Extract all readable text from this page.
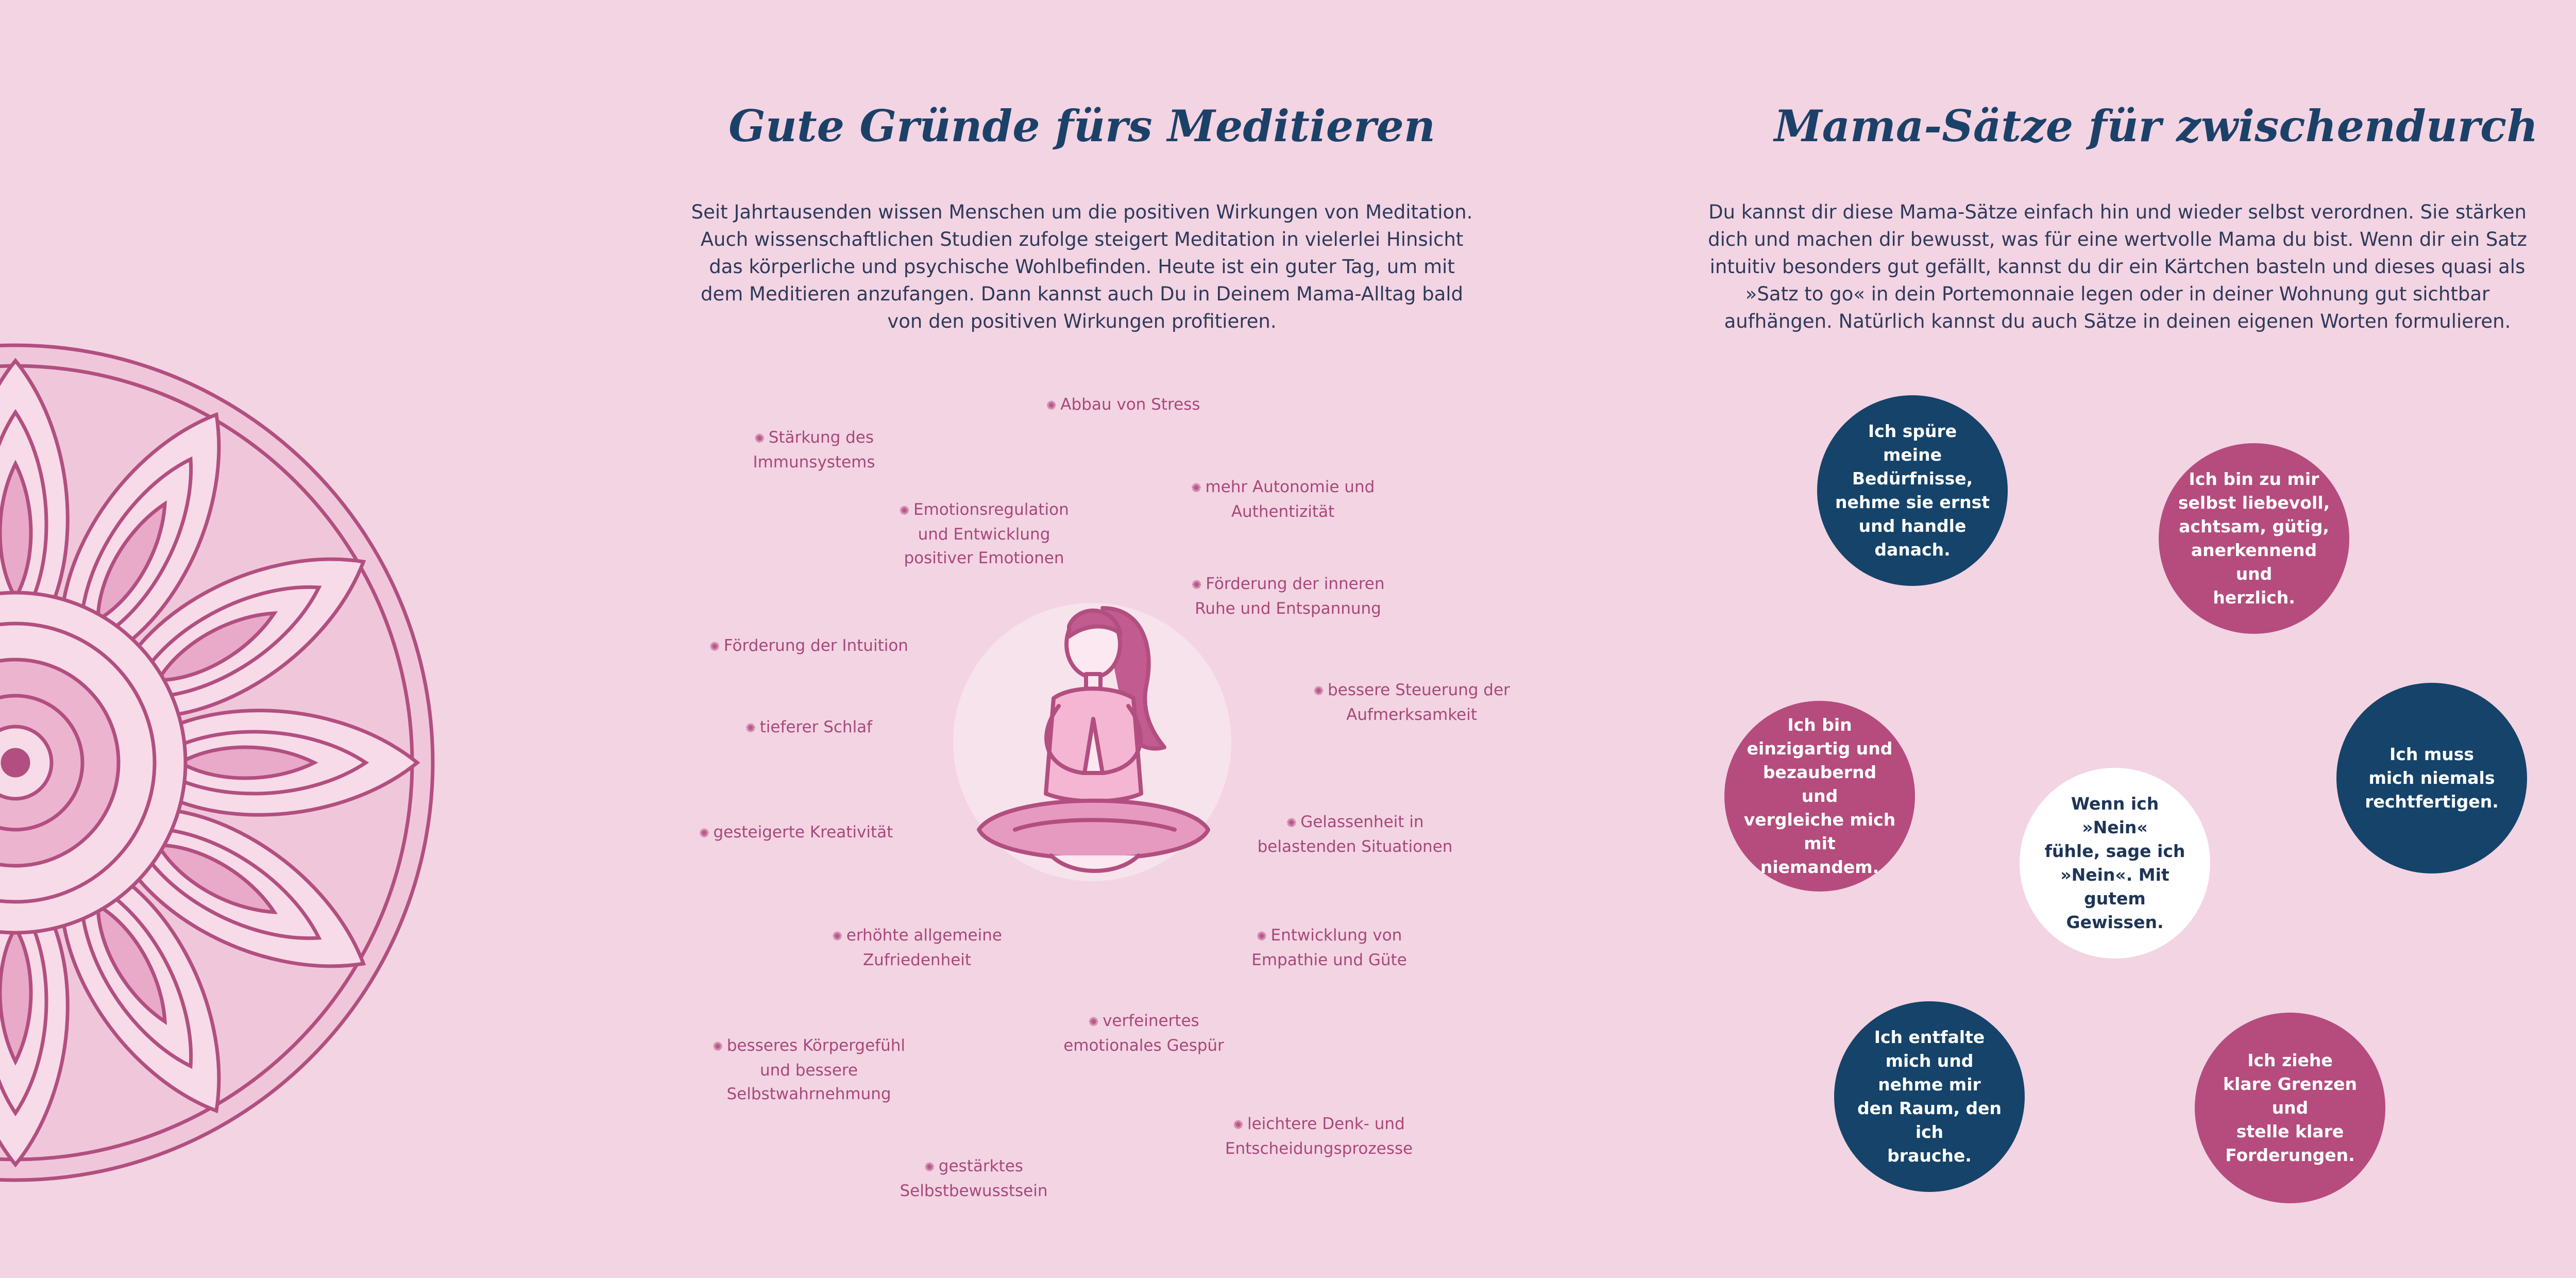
Gute Gründe fürs Meditieren

Seit Jahrtausenden wissen Menschen um die positiven Wirkungen von Meditation. Auch wissenschaftlichen Studien zufolge steigert Meditation in vielerlei Hinsicht das körperliche und psychische Wohlbefinden. Heute ist ein guter Tag, um mit dem Meditieren anzufangen. Dann kannst auch Du in Deinem Mama-Alltag bald von den positiven Wirkungen profitieren.

✺ Abbau von Stress

✺ Stärkung des
Immunsystems

✺ mehr Autonomie und
Authentizität

✺ Emotionsregulation
und Entwicklung
positiver Emotionen

✺ Förderung der inneren
Ruhe und Entspannung

✺ Förderung der Intuition

✺ bessere Steuerung der
Aufmerksamkeit

✺ tieferer Schlaf

✺ gesteigerte Kreativität

✺ Gelassenheit in
belastenden Situationen

✺ erhöhte allgemeine
Zufriedenheit

✺ Entwicklung von
Empathie und Güte

✺ verfeinertes
emotionales Gespür

✺ besseres Körpergefühl
und bessere
Selbstwahrnehmung

✺ leichtere Denk- und
Entscheidungsprozesse

✺ gestärktes
Selbstbewusstsein

Mama-Sätze für zwischendurch

Du kannst dir diese Mama-Sätze einfach hin und wieder selbst verordnen. Sie stärken dich und machen dir bewusst, was für eine wertvolle Mama du bist. Wenn dir ein Satz intuitiv besonders gut gefällt, kannst du dir ein Kärtchen basteln und dieses quasi als »Satz to go« in dein Portemonnaie legen oder in deiner Wohnung gut sichtbar aufhängen. Natürlich kannst du auch Sätze in deinen eigenen Worten formulieren.

Ich spüre
meine Bedürfnisse,
nehme sie ernst
und handle
danach.
Ich bin zu mir
selbst liebevoll,
achtsam, gütig,
anerkennend und
herzlich.
Ich muss
mich niemals
rechtfertigen.
Ich bin
einzigartig und
bezaubernd und
vergleiche mich mit
niemandem.
Wenn ich »Nein«
fühle, sage ich
»Nein«. Mit gutem
Gewissen.
Ich entfalte
mich und nehme mir
den Raum, den ich
brauche.
Ich ziehe
klare Grenzen und
stelle klare
Forderungen.
